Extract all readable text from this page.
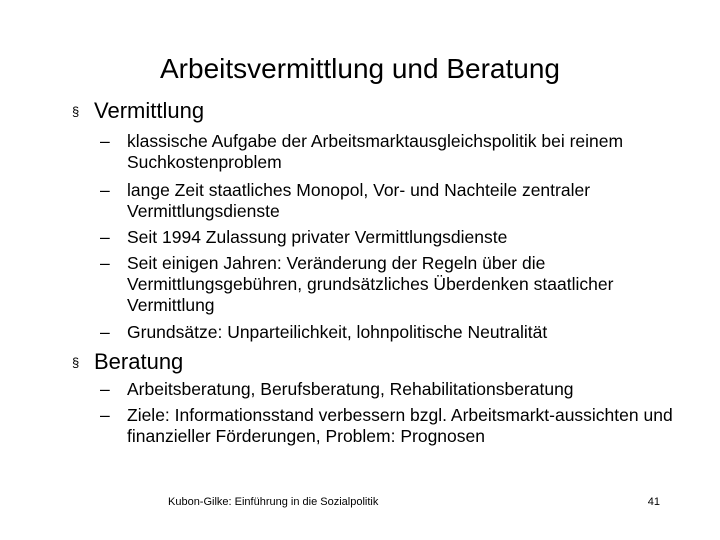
Arbeitsvermittlung und Beratung
§ Vermittlung
– klassische Aufgabe der Arbeitsmarktausgleichspolitik bei reinem Suchkostenproblem
– lange Zeit staatliches Monopol, Vor- und Nachteile zentraler Vermittlungsdienste
– Seit 1994 Zulassung privater Vermittlungsdienste
– Seit einigen Jahren: Veränderung der Regeln über die Vermittlungsgebühren, grundsätzliches Überdenken staatlicher Vermittlung
– Grundsätze: Unparteilichkeit, lohnpolitische Neutralität
§ Beratung
– Arbeitsberatung, Berufsberatung, Rehabilitationsberatung
– Ziele: Informationsstand verbessern bzgl. Arbeitsmarkt-aussichten und finanzieller Förderungen, Problem: Prognosen
Kubon-Gilke: Einführung in die Sozialpolitik	41
